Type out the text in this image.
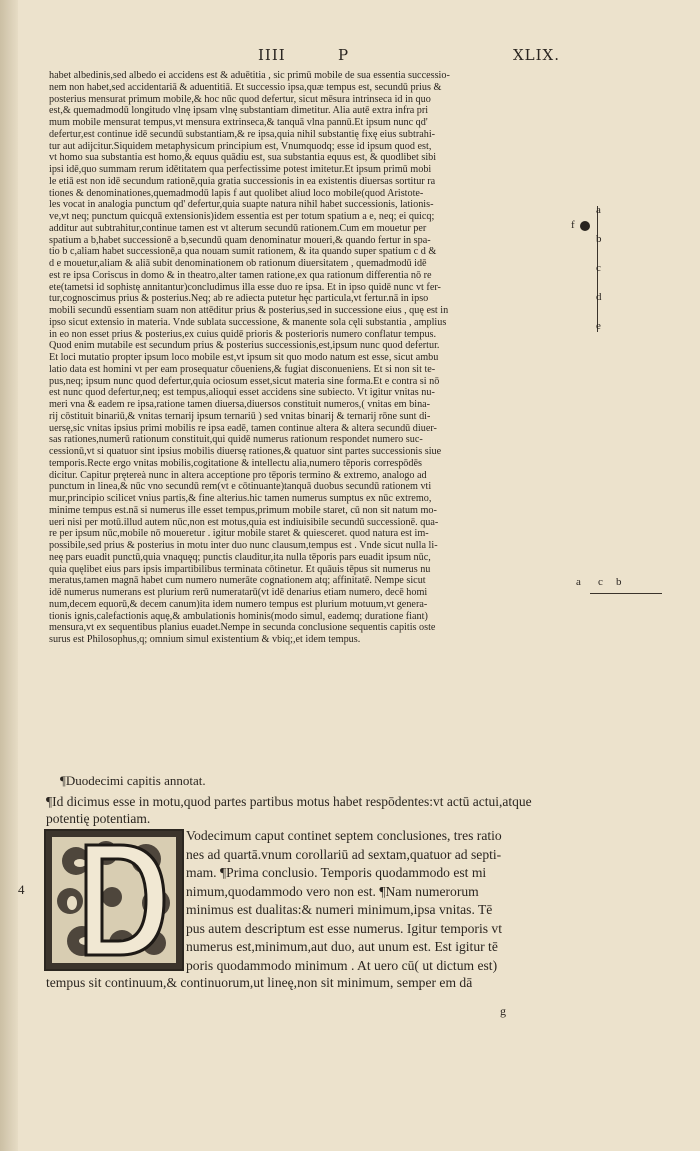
IIII	P	XLIX.
habet albedinis,sed albedo ei accidens est & aduētitia , sic primū mobile de sua essentia successio-
nem non habet,sed accidentariā & aduentitiā. Et successio ipsa,quæ tempus est, secundū prius &
posterius mensurat primum mobile,& hoc nūc quod defertur, sicut mēsura intrinseca id in quo
est,& quemadmodū longitudo vlnę ipsam vlnę substantiam dimetitur. Alia autē extra infra pri
mum mobile mensurat tempus,vt mensura extrinseca,& tanquā vlna pannū.Et ipsum nunc qd'
defertur,est continue idē secundū substantiam,& re ipsa,quia nihil substantię fixę eius subtrahi-
tur aut adijcitur.Siquidem metaphysicum principium est, Vnumquodq; esse id ipsum quod est,
vt homo sua substantia est homo,& equus quādiu est, sua substantia equus est, & quodlibet sibi
ipsi idē,quo summam rerum idētitatem qua perfectissime potest imitetur.Et ipsum primū mobi
le etiā est non idē secundum rationē,quia gratia successionis in ea existentis diuersas sortitur ra
tiones & denominationes,quemadmodū lapis f aut quolibet aliud loco mobile(quod Aristote-
les vocat in analogia punctum qd' defertur,quia suapte natura nihil habet successionis, lationis-
ve,vt neq; punctum quicquā extensionis)idem essentia est per totum spatium a e, neq; ei quicq;
additur aut subtrahitur,continue tamen est vt alterum secundū rationem.Cum em mouetur per
spatium a b,habet successionē a b,secundū quam denominatur moueri,& quando fertur in spa-
tio b c,aliam habet successionē,a qua nouam sumit rationem, & ita quando super spatium c d &
d e mouetur,aliam & aliā subit denominationem ob rationum diuersitatem , quemadmodū idē
est re ipsa Coriscus in domo & in theatro,alter tamen ratione,ex qua rationum differentia nō re
ete(tametsi id sophistę annitantur)concludimus illa esse duo re ipsa. Et in ipso quidē nunc vt fer-
tur,cognoscimus prius & posterius.Neq; ab re adiecta putetur hęc particula,vt fertur.nā in ipso
mobili secundū essentiam suam non attēditur prius & posterius,sed in successione eius , quę est in
ipso sicut extensio in materia. Vnde sublata successione, & manente sola cęli substantia , amplius
in eo non esset prius & posterius,ex cuius quidē prioris & posterioris numero conflatur tempus.
Quod enim mutabile est secundum prius & posterius successionis,est,ipsum nunc quod defertur.
Et loci mutatio propter ipsum loco mobile est,vt ipsum sit quo modo natum est esse, sicut ambu
latio data est homini vt per eam prosequatur cōueniens,& fugiat disconueniens. Et si non sit te-
pus,neq; ipsum nunc quod defertur,quia ociosum esset,sicut materia sine forma.Et e contra si nō
est nunc quod defertur,neq; est tempus,alioqui esset accidens sine subiecto. Vt igitur vnitas nu-
meri vna & eadem re ipsa,ratione tamen diuersa,diuersos constituit numeros,( vnitas em bina-
rij cōstituit binariū,& vnitas ternarij ipsum ternariū ) sed vnitas binarij & ternarij rōne sunt di-
uersę,sic vnitas ipsius primi mobilis re ipsa eadē, tamen continue altera & altera secundū diuer-
sas rationes,numerū rationum constituit,qui quidē numerus rationum respondet numero suc-
cessionū,vt si quatuor sint ipsius mobilis diuersę rationes,& quatuor sint partes successionis siue
temporis.Recte ergo vnitas mobilis,cogitatione & intellectu alia,numero tēporis correspōdēs
dicitur. Capitur prętereà nunc in altera acceptione pro tēporis termino & extremo, analogo ad
punctum in linea,& nūc vno secundū rem(vt e cōtinuante)tanquā duobus secundū rationem vti
mur,principio scilicet vnius partis,& fine alterius.hic tamen numerus sumptus ex nūc extremo,
minime tempus est.nā si numerus ille esset tempus,primum mobile staret, cū non sit natum mo-
ueri nisi per motū.illud autem nūc,non est motus,quia est indiuisibile secundū successionē. qua-
re per ipsum nūc,mobile nō moueretur . igitur mobile staret & quiesceret. quod natura est im-
possibile,sed prius & posterius in motu inter duo nunc clausum,tempus est . Vnde sicut nulla li-
neę pars euadit punctū,quia vnaquęq; punctis clauditur,ita nulla tēporis pars euadit ipsum nūc,
quia quęlibet eius pars ipsis impartibilibus terminata cōtinetur. Et quāuis tēpus sit numerus nu
meratus,tamen magnā habet cum numero numerāte cognationem atq; affinitatē. Nempe sicut
idē numerus numerans est plurium rerū numeratarū(vt idē denarius etiam numero, decē homi
num,decem equorū,& decem canum)ita idem numero tempus est plurium motuum,vt genera-
tionis ignis,calefactionis aquę,& ambulationis hominis(modo simul, eademq; duratione fiant)
mensura,vt ex sequentibus planius euadet.Nempe in secunda conclusione sequentis capitis oste
surus est Philosophus,q; omnium simul existentium & vbiq;,et idem tempus.
a
b
c
d
e
f
a c b
¶Duodecimi capitis annotat.
¶Id dicimus esse in motu,quod partes partibus motus habet respōdentes:vt actū actui,atque potentię potentiam.
4
Vodecimum caput continet septem conclusiones, tres ratio
nes ad quartā.vnum corollariū ad sextam,quatuor ad septi-
mam. ¶Prima conclusio. Temporis quodammodo est mi
nimum,quodammodo vero non est. ¶Nam numerorum
minimus est dualitas:& numeri minimum,ipsa vnitas. Tē
pus autem descriptum est esse numerus. Igitur temporis vt
numerus est,minimum,aut duo, aut unum est. Est igitur tē
poris quodammodo minimum . At uero cū( ut dictum est)
tempus sit continuum,& continuorum,ut lineę,non sit minimum, semper em dā
g
